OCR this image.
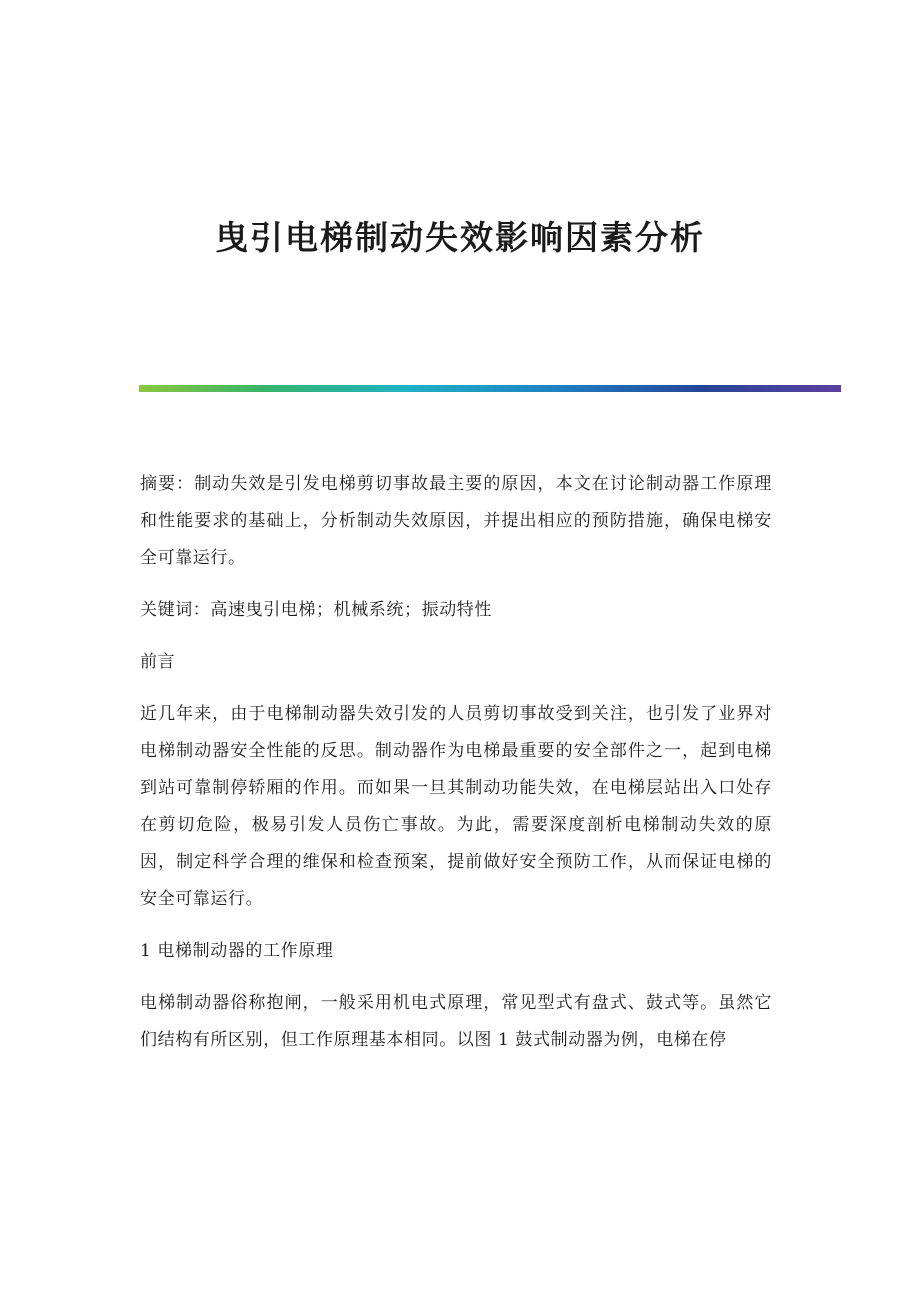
曳引电梯制动失效影响因素分析

摘要：制动失效是引发电梯剪切事故最主要的原因，本文在讨论制动器工作原理和性能要求的基础上，分析制动失效原因，并提出相应的预防措施，确保电梯安全可靠运行。

关键词：高速曳引电梯；机械系统；振动特性

前言

近几年来，由于电梯制动器失效引发的人员剪切事故受到关注，也引发了业界对电梯制动器安全性能的反思。制动器作为电梯最重要的安全部件之一，起到电梯到站可靠制停轿厢的作用。而如果一旦其制动功能失效，在电梯层站出入口处存在剪切危险，极易引发人员伤亡事故。为此，需要深度剖析电梯制动失效的原因，制定科学合理的维保和检查预案，提前做好安全预防工作，从而保证电梯的安全可靠运行。

1 电梯制动器的工作原理

电梯制动器俗称抱闸，一般采用机电式原理，常见型式有盘式、鼓式等。虽然它们结构有所区别，但工作原理基本相同。以图 1 鼓式制动器为例，电梯在停
